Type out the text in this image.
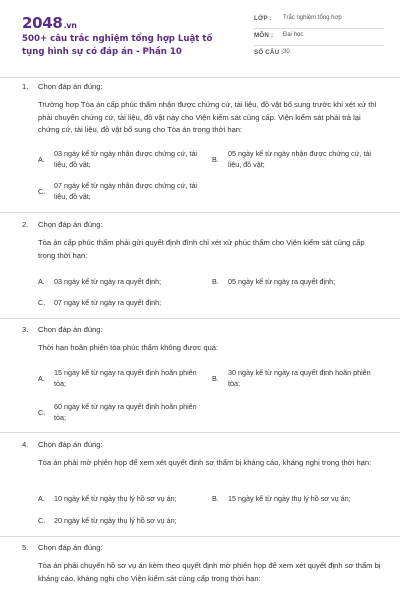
2048.vn
500+ câu trắc nghiệm tổng hợp Luật tố tụng hình sự có đáp án - Phần 10
LỚP : Trắc nghiệm tổng hợp
MÔN : Đại học
SỐ CÂU : 30
1. Chọn đáp án đúng:
Trường hợp Tòa án cấp phúc thẩm nhận được chứng cứ, tài liệu, đồ vật bổ sung trước khi xét xử thì phải chuyển chứng cứ, tài liệu, đồ vật này cho Viện kiểm sát cùng cấp. Viện kiểm sát phải trả lại chứng cứ, tài liệu, đồ vật bổ sung cho Tòa án trong thời hạn:
A.
03 ngày kể từ ngày nhận được chứng cứ, tài liệu, đồ vật;
B.
05 ngày kể từ ngày nhận được chứng cứ, tài liệu, đồ vật;
C.
07 ngày kể từ ngày nhận được chứng cứ, tài liệu, đồ vật;
2. Chọn đáp án đúng:
Tòa án cấp phúc thẩm phải gửi quyết định đình chỉ xét xử phúc thẩm cho Viện kiểm sát cùng cấp trong thời hạn:
A. 03 ngày kể từ ngày ra quyết định;	B. 05 ngày kể từ ngày ra quyết định;
C. 07 ngày kể từ ngày ra quyết định;
3. Chọn đáp án đúng:
Thời hạn hoãn phiên tòa phúc thẩm không được quá:
A.
15 ngày kể từ ngày ra quyết định hoãn phiên tòa;
B.
30 ngày kể từ ngày ra quyết định hoãn phiên tòa;
C.
60 ngày kể từ ngày ra quyết định hoãn phiên tòa;
4. Chọn đáp án đúng:
Tòa án phải mở phiên họp để xem xét quyết định sơ thẩm bị kháng cáo, kháng nghị trong thời hạn:
A. 10 ngày kể từ ngày thụ lý hồ sơ vụ án;	B. 15 ngày kể từ ngày thụ lý hồ sơ vụ án;
C. 20 ngày kể từ ngày thụ lý hồ sơ vụ án;
5. Chọn đáp án đúng:
Tòa án phải chuyển hồ sơ vụ án kèm theo quyết định mở phiên họp để xem xét quyết định sơ thẩm bị kháng cáo, kháng nghị cho Viện kiểm sát cùng cấp trong thời hạn:
